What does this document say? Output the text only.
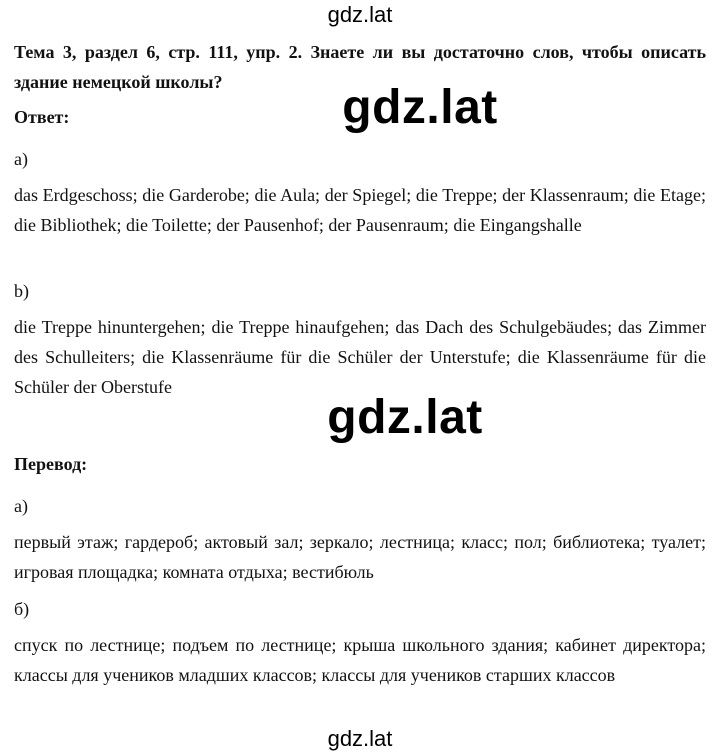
gdz.lat
Тема 3, раздел 6, стр. 111, упр. 2. Знаете ли вы достаточно слов, чтобы описать здание немецкой школы?	gdz.lat
Ответ:
a)
das Erdgeschoss; die Garderobe; die Aula; der Spiegel; die Treppe; der Klassenraum; die Etage; die Bibliothek; die Toilette; der Pausenhof; der Pausenraum; die Eingangshalle
b)
die Treppe hinuntergehen; die Treppe hinaufgehen; das Dach des Schulgebäudes; das Zimmer des Schulleiters; die Klassenräume für die Schüler der Unterstufe; die Klassenräume für die Schüler der Oberstufe
gdz.lat
Перевод:
а)
первый этаж; гардероб; актовый зал; зеркало; лестница; класс; пол; библиотека; туалет; игровая площадка; комната отдыха; вестибюль
б)
спуск по лестнице; подъем по лестнице; крыша школьного здания; кабинет директора; классы для учеников младших классов; классы для учеников старших классов
gdz.lat
